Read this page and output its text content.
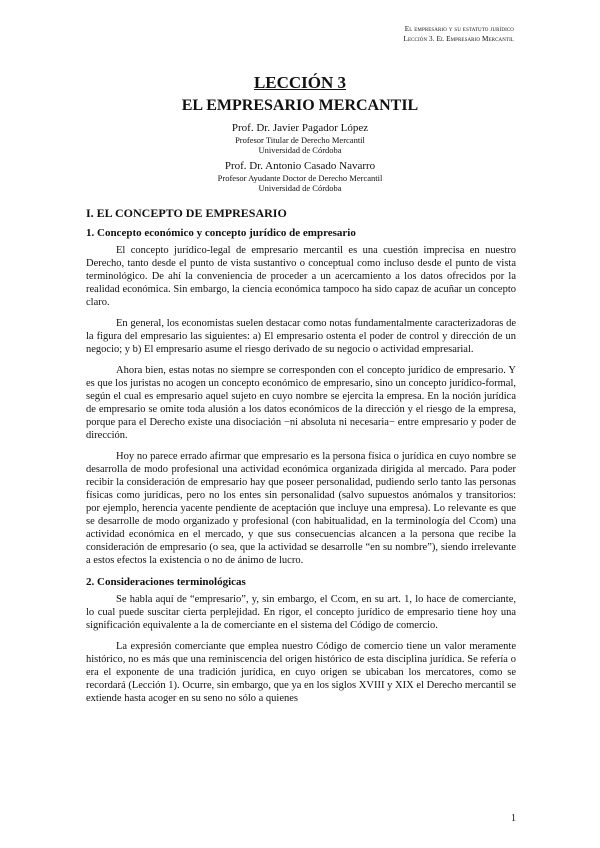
El empresario y su estatuto jurídico
Lección 3. El Empresario Mercantil
LECCIÓN 3
EL EMPRESARIO MERCANTIL
Prof. Dr. Javier Pagador López
Profesor Titular de Derecho Mercantil
Universidad de Córdoba
Prof. Dr. Antonio Casado Navarro
Profesor Ayudante Doctor de Derecho Mercantil
Universidad de Córdoba
I. EL CONCEPTO DE EMPRESARIO
1. Concepto económico y concepto jurídico de empresario

El concepto jurídico-legal de empresario mercantil es una cuestión imprecisa en nuestro Derecho, tanto desde el punto de vista sustantivo o conceptual como incluso desde el punto de vista terminológico. De ahí la conveniencia de proceder a un acercamiento a los datos ofrecidos por la realidad económica. Sin embargo, la ciencia económica tampoco ha sido capaz de acuñar un concepto claro.

En general, los economistas suelen destacar como notas fundamentalmente caracterizadoras de la figura del empresario las siguientes: a) El empresario ostenta el poder de control y dirección de un negocio; y b) El empresario asume el riesgo derivado de su negocio o actividad empresarial.

Ahora bien, estas notas no siempre se corresponden con el concepto jurídico de empresario. Y es que los juristas no acogen un concepto económico de empresario, sino un concepto jurídico-formal, según el cual es empresario aquel sujeto en cuyo nombre se ejercita la empresa. En la noción jurídica de empresario se omite toda alusión a los datos económicos de la dirección y el riesgo de la empresa, porque para el Derecho existe una disociación −ni absoluta ni necesaria− entre empresario y poder de dirección.

Hoy no parece errado afirmar que empresario es la persona física o jurídica en cuyo nombre se desarrolla de modo profesional una actividad económica organizada dirigida al mercado. Para poder recibir la consideración de empresario hay que poseer personalidad, pudiendo serlo tanto las personas físicas como jurídicas, pero no los entes sin personalidad (salvo supuestos anómalos y transitorios: por ejemplo, herencia yacente pendiente de aceptación que incluye una empresa). Lo relevante es que se desarrolle de modo organizado y profesional (con habitualidad, en la terminología del Ccom) una actividad económica en el mercado, y que sus consecuencias alcancen a la persona que recibe la consideración de empresario (o sea, que la actividad se desarrolle “en su nombre”), siendo irrelevante a estos efectos la existencia o no de ánimo de lucro.

2. Consideraciones terminológicas

Se habla aquí de “empresario”, y, sin embargo, el Ccom, en su art. 1, lo hace de comerciante, lo cual puede suscitar cierta perplejidad. En rigor, el concepto jurídico de empresario tiene hoy una significación equivalente a la de comerciante en el sistema del Código de comercio.

La expresión comerciante que emplea nuestro Código de comercio tiene un valor meramente histórico, no es más que una reminiscencia del origen histórico de esta disciplina jurídica. Se refería o era el exponente de una tradición jurídica, en cuyo origen se ubicaban los mercatores, como se recordará (Lección 1). Ocurre, sin embargo, que ya en los siglos XVIII y XIX el Derecho mercantil se extiende hasta acoger en su seno no sólo a quienes

1
